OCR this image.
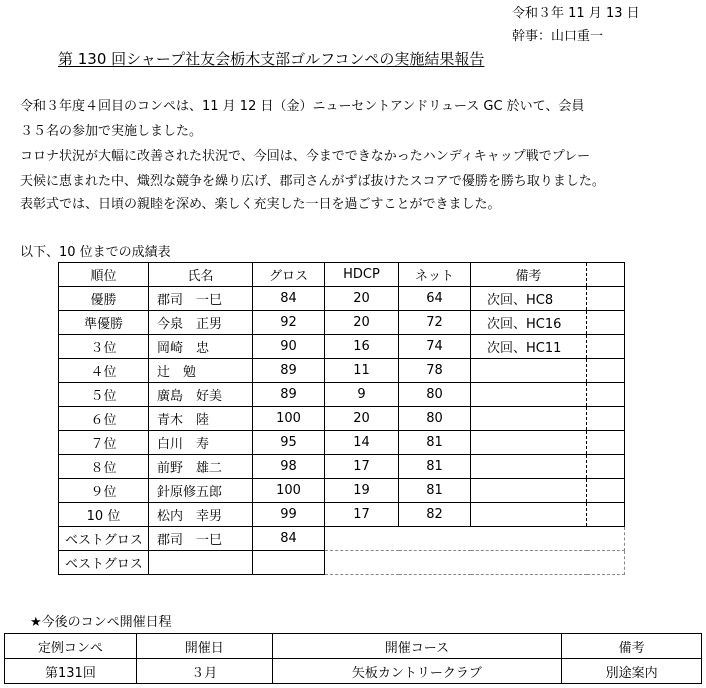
令和３年 11 月 13 日
幹事：山口重一
第 130 回シャープ社友会栃木支部ゴルフコンペの実施結果報告
令和３年度４回目のコンペは、11 月 12 日（金）ニューセントアンドリュース GC 於いて、会員
３５名の参加で実施しました。
コロナ状況が大幅に改善された状況で、今回は、今までできなかったハンディキャップ戦でプレー
天候に恵まれた中、熾烈な競争を繰り広げ、郡司さんがずば抜けたスコアで優勝を勝ち取りました。
表彰式では、日頃の親睦を深め、楽しく充実した一日を過ごすことができました。
以下、10 位までの成績表
順位	氏名	グロス	HDCP	ネット	備考	
優勝	郡司　一巳	84	20	64	次回、HC8	
準優勝	今泉　正男	92	20	72	次回、HC16	
３位	岡崎　忠	90	16	74	次回、HC11	
４位	辻　勉	89	11	78		
５位	廣島　好美	89	9	80		
６位	青木　陸	100	20	80		
７位	白川　寿	95	14	81		
８位	前野　雄二	98	17	81		
９位	針原修五郎	100	19	81		
10 位	松内　幸男	99	17	82		
ベストグロス	郡司　一巳	84				
ベストグロス						
★今後のコンペ開催日程
定例コンペ	開催日	開催コース	備考
第131回	３月	矢板カントリークラブ	別途案内
